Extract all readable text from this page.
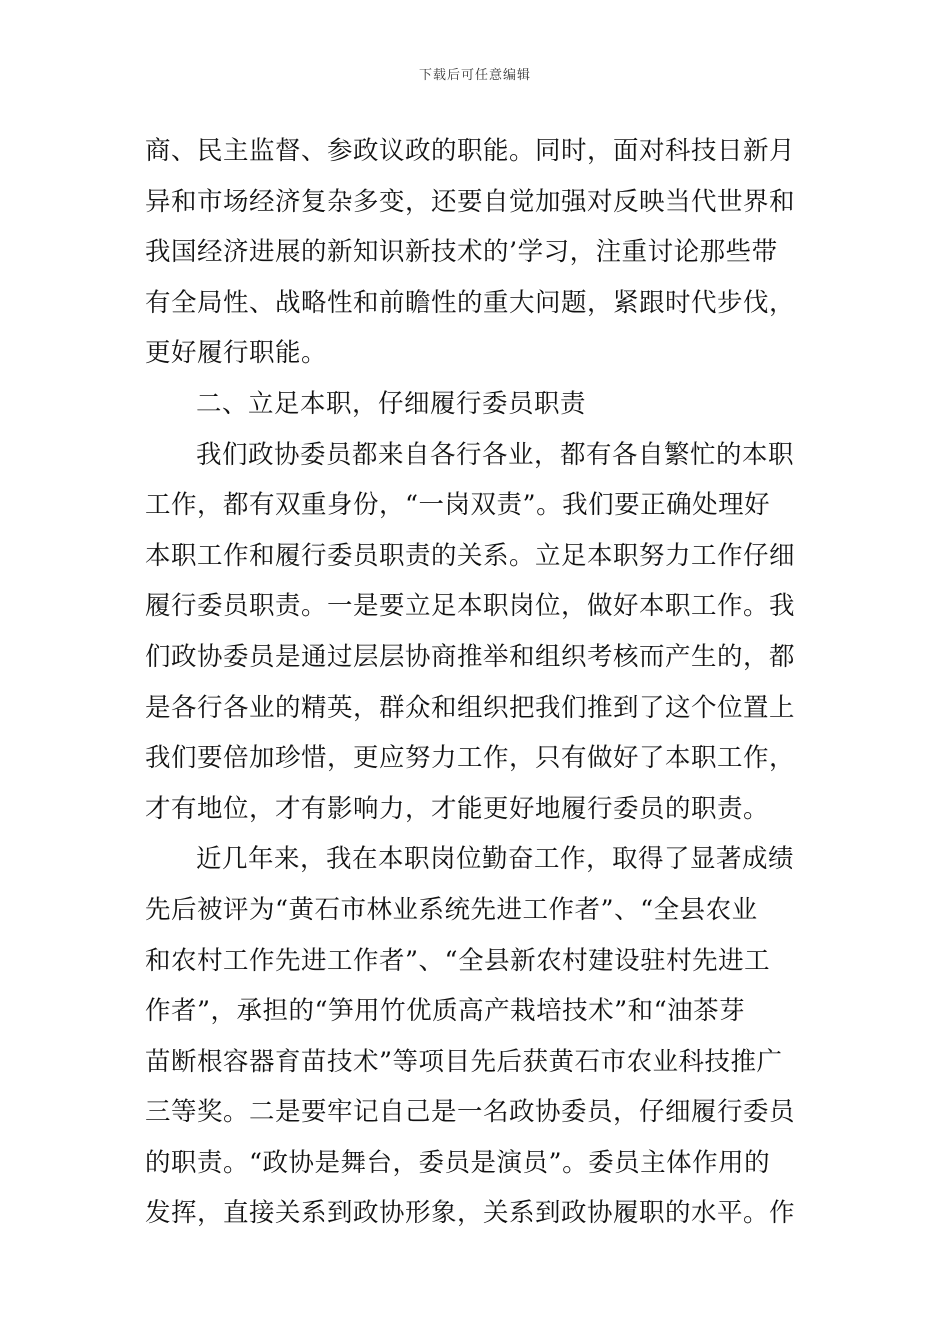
下载后可任意编辑
商、民主监督、参政议政的职能。同时，面对科技日新月
异和市场经济复杂多变，还要自觉加强对反映当代世界和
我国经济进展的新知识新技术的’学习，注重讨论那些带
有全局性、战略性和前瞻性的重大问题，紧跟时代步伐，
更好履行职能。
二、立足本职，仔细履行委员职责
我们政协委员都来自各行各业，都有各自繁忙的本职
工作，都有双重身份，“一岗双责”。我们要正确处理好
本职工作和履行委员职责的关系。立足本职努力工作仔细
履行委员职责。一是要立足本职岗位，做好本职工作。我
们政协委员是通过层层协商推举和组织考核而产生的，都
是各行各业的精英，群众和组织把我们推到了这个位置上
我们要倍加珍惜，更应努力工作，只有做好了本职工作，
才有地位，才有影响力，才能更好地履行委员的职责。
近几年来，我在本职岗位勤奋工作，取得了显著成绩
先后被评为“黄石市林业系统先进工作者”、“全县农业
和农村工作先进工作者”、“全县新农村建设驻村先进工
作者”，承担的“笋用竹优质高产栽培技术”和“油茶芽
苗断根容器育苗技术”等项目先后获黄石市农业科技推广
三等奖。二是要牢记自己是一名政协委员，仔细履行委员
的职责。“政协是舞台，委员是演员”。委员主体作用的
发挥，直接关系到政协形象，关系到政协履职的水平。作
